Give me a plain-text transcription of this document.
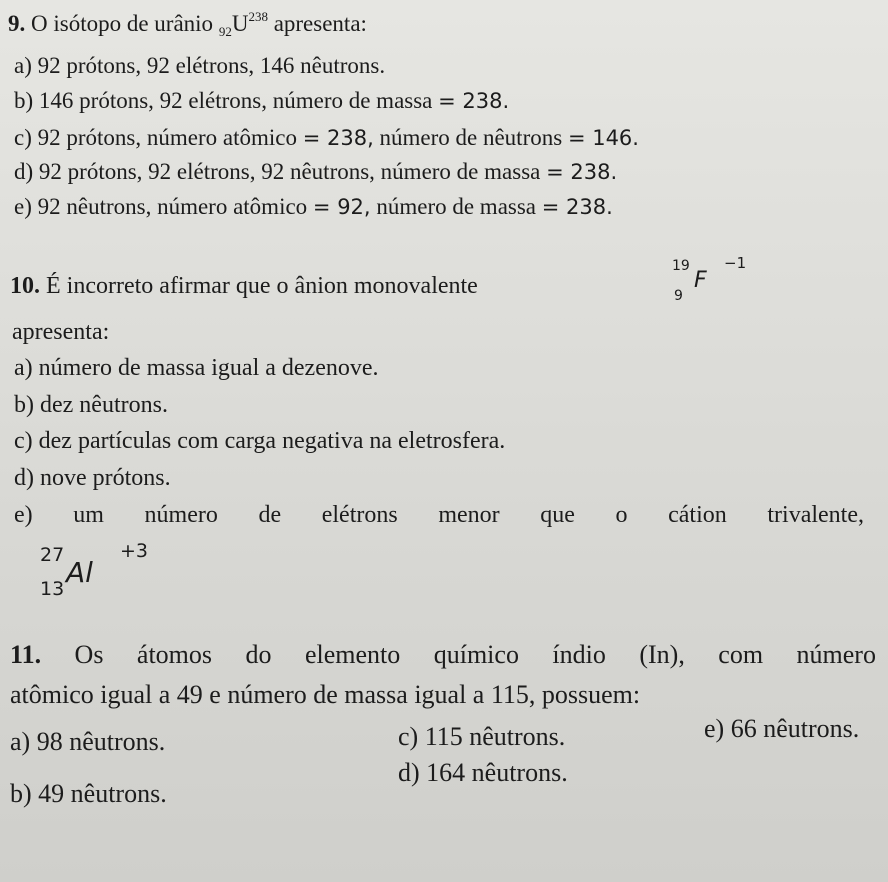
9. O isótopo de urânio $_{92}U^{238}$ apresenta:
a) 92 prótons, 92 elétrons, 146 nêutrons.
b) 146 prótons, 92 elétrons, número de massa = 238.
c) 92 prótons, número atômico = 238, número de nêutrons = 146.
d) 92 prótons, 92 elétrons, 92 nêutrons, número de massa = 238.
e) 92 nêutrons, número atômico = 92, número de massa = 238.
10. É incorreto afirmar que o ânion monovalente
19
9
F
−1
apresenta:
a) número de massa igual a dezenove.
b) dez nêutrons.
c) dez partículas com carga negativa na eletrosfera.
d) nove prótons.
e) um número de elétrons menor que o cátion trivalente,
27
13 Al
+3
11. Os átomos do elemento químico índio (In), com número
atômico igual a 49 e número de massa igual a 115, possuem:
a) 98 nêutrons.	c) 115 nêutrons.	e) 66 nêutrons.
b) 49 nêutrons.
d) 164 nêutrons.
